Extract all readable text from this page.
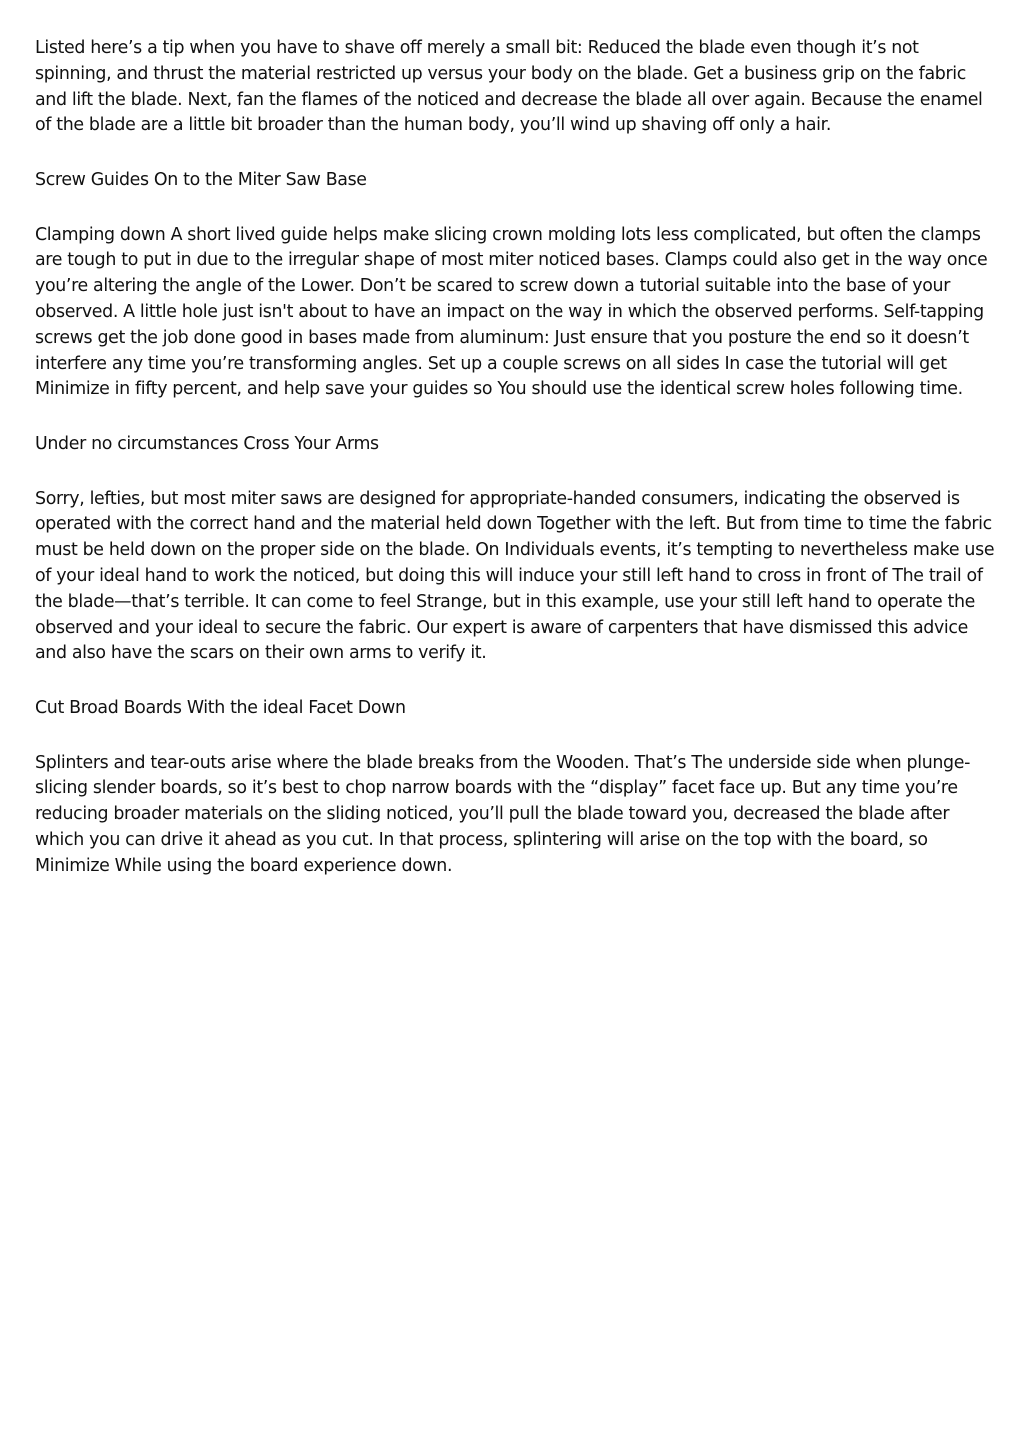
Listed here’s a tip when you have to shave off merely a small bit: Reduced the blade even though it’s not spinning, and thrust the material restricted up versus your body on the blade. Get a business grip on the fabric and lift the blade. Next, fan the flames of the noticed and decrease the blade all over again. Because the enamel of the blade are a little bit broader than the human body, you’ll wind up shaving off only a hair.

Screw Guides On to the Miter Saw Base

Clamping down A short lived guide helps make slicing crown molding lots less complicated, but often the clamps are tough to put in due to the irregular shape of most miter noticed bases. Clamps could also get in the way once you’re altering the angle of the Lower. Don’t be scared to screw down a tutorial suitable into the base of your observed. A little hole just isn't about to have an impact on the way in which the observed performs. Self-tapping screws get the job done good in bases made from aluminum: Just ensure that you posture the end so it doesn’t interfere any time you’re transforming angles. Set up a couple screws on all sides In case the tutorial will get Minimize in fifty percent, and help save your guides so You should use the identical screw holes following time.

Under no circumstances Cross Your Arms

Sorry, lefties, but most miter saws are designed for appropriate-handed consumers, indicating the observed is operated with the correct hand and the material held down Together with the left. But from time to time the fabric must be held down on the proper side on the blade. On Individuals events, it’s tempting to nevertheless make use of your ideal hand to work the noticed, but doing this will induce your still left hand to cross in front of The trail of the blade—that’s terrible. It can come to feel Strange, but in this example, use your still left hand to operate the observed and your ideal to secure the fabric. Our expert is aware of carpenters that have dismissed this advice and also have the scars on their own arms to verify it.

Cut Broad Boards With the ideal Facet Down

Splinters and tear-outs arise where the blade breaks from the Wooden. That’s The underside side when plunge-slicing slender boards, so it’s best to chop narrow boards with the “display” facet face up. But any time you’re reducing broader materials on the sliding noticed, you’ll pull the blade toward you, decreased the blade after which you can drive it ahead as you cut. In that process, splintering will arise on the top with the board, so Minimize While using the board experience down.
